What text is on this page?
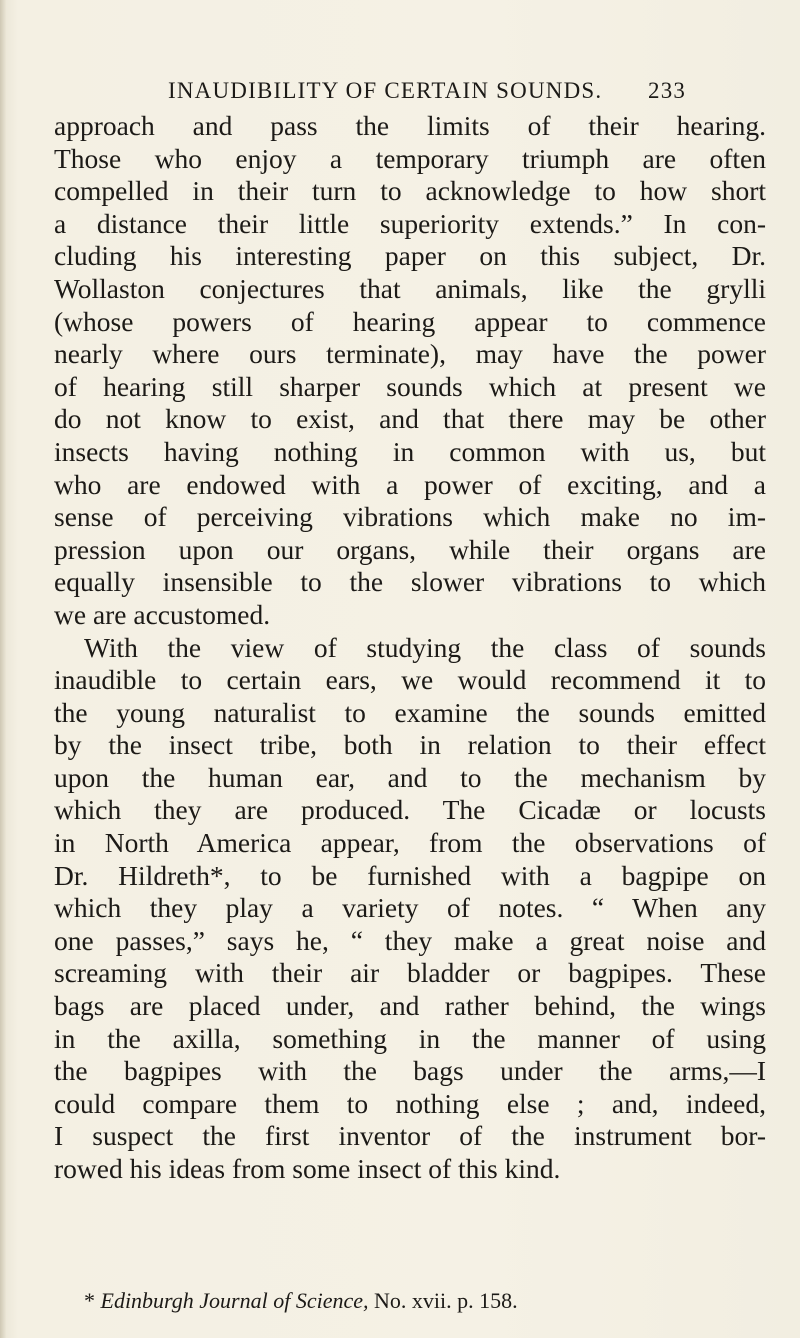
INAUDIBILITY OF CERTAIN SOUNDS. 233
approach and pass the limits of their hearing.
Those who enjoy a temporary triumph are often
compelled in their turn to acknowledge to how short
a distance their little superiority extends.” In con-
cluding his interesting paper on this subject, Dr.
Wollaston conjectures that animals, like the grylli
(whose powers of hearing appear to commence
nearly where ours terminate), may have the power
of hearing still sharper sounds which at present we
do not know to exist, and that there may be other
insects having nothing in common with us, but
who are endowed with a power of exciting, and a
sense of perceiving vibrations which make no im-
pression upon our organs, while their organs are
equally insensible to the slower vibrations to which
we are accustomed.
With the view of studying the class of sounds
inaudible to certain ears, we would recommend it to
the young naturalist to examine the sounds emitted
by the insect tribe, both in relation to their effect
upon the human ear, and to the mechanism by
which they are produced. The Cicadæ or locusts
in North America appear, from the observations of
Dr. Hildreth*, to be furnished with a bagpipe on
which they play a variety of notes. “ When any
one passes,” says he, “ they make a great noise and
screaming with their air bladder or bagpipes. These
bags are placed under, and rather behind, the wings
in the axilla, something in the manner of using
the bagpipes with the bags under the arms,—I
could compare them to nothing else ; and, indeed,
I suspect the first inventor of the instrument bor-
rowed his ideas from some insect of this kind.
* Edinburgh Journal of Science, No. xvii. p. 158.
